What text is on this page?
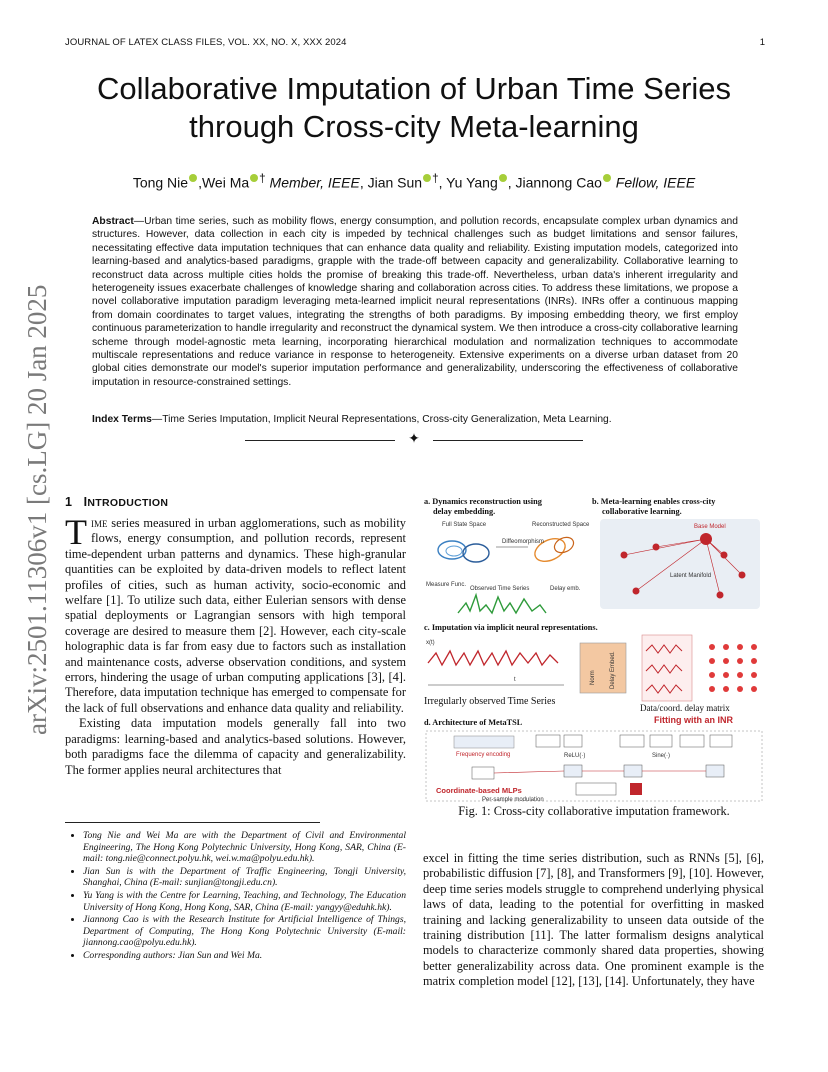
JOURNAL OF LATEX CLASS FILES, VOL. XX, NO. X, XXX 2024	1
Collaborative Imputation of Urban Time Series
through Cross-city Meta-learning
Tong Nie ,Wei Ma † Member, IEEE, Jian Sun †, Yu Yang , Jiannong Cao Fellow, IEEE
Abstract—Urban time series, such as mobility flows, energy consumption, and pollution records, encapsulate complex urban dynamics and structures. However, data collection in each city is impeded by technical challenges such as budget limitations and sensor failures, necessitating effective data imputation techniques that can enhance data quality and reliability. Existing imputation models, categorized into learning-based and analytics-based paradigms, grapple with the trade-off between capacity and generalizability. Collaborative learning to reconstruct data across multiple cities holds the promise of breaking this trade-off. Nevertheless, urban data's inherent irregularity and heterogeneity issues exacerbate challenges of knowledge sharing and collaboration across cities. To address these limitations, we propose a novel collaborative imputation paradigm leveraging meta-learned implicit neural representations (INRs). INRs offer a continuous mapping from domain coordinates to target values, integrating the strengths of both paradigms. By imposing embedding theory, we first employ continuous parameterization to handle irregularity and reconstruct the dynamical system. We then introduce a cross-city collaborative learning scheme through model-agnostic meta learning, incorporating hierarchical modulation and normalization techniques to accommodate multiscale representations and reduce variance in response to heterogeneity. Extensive experiments on a diverse urban dataset from 20 global cities demonstrate our model's superior imputation performance and generalizability, underscoring the effectiveness of collaborative imputation in resource-constrained settings.
Index Terms—Time Series Imputation, Implicit Neural Representations, Cross-city Generalization, Meta Learning.
✦
arXiv:2501.11306v1 [cs.LG] 20 Jan 2025	1 INTRODUCTION

Time series measured in urban agglomerations, such as mobility flows, energy consumption, and pollution records, represent time-dependent urban patterns and dynamics. These high-granular quantities can be exploited by data-driven models to reflect latent profiles of cities, such as human activity, socio-economic and welfare [1]. To utilize such data, either Eulerian sensors with dense spatial deployments or Lagrangian sensors with high temporal coverage are desired to measure them [2]. However, each city-scale holographic data is far from easy due to factors such as installation and maintenance costs, adverse observation conditions, and system errors, hindering the usage of urban computing applications [3], [4]. Therefore, data imputation technique has emerged to compensate for the lack of full observations and enhance data quality and reliability.

Existing data imputation models generally fall into two paradigms: learning-based and analytics-based solutions. However, both paradigms face the dilemma of capacity and generalizability. The former applies neural architectures that

• Tong Nie and Wei Ma are with the Department of Civil and Environmental Engineering, The Hong Kong Polytechnic University, Hong Kong, SAR, China (E-mail: tong.nie@connect.polyu.hk, wei.w.ma@polyu.edu.hk).
• Jian Sun is with the Department of Traffic Engineering, Tongji University, Shanghai, China (E-mail: sunjian@tongji.edu.cn).
• Yu Yang is with the Centre for Learning, Teaching, and Technology, The Education University of Hong Kong, Hong Kong, SAR, China (E-mail: yangyy@eduhk.hk).
• Jiannong Cao is with the Research Institute for Artificial Intelligence of Things, Department of Computing, The Hong Kong Polytechnic University (E-mail: jiannong.cao@polyu.edu.hk).
• Corresponding authors: Jian Sun and Wei Ma.
excel in fitting the time series distribution, such as RNNs [5], [6], probabilistic diffusion [7], [8], and Transformers [9], [10]. However, deep time series models struggle to comprehend underlying physical laws of data, leading to the potential for overfitting in masked training and lacking generalizability to unseen data outside of the training distribution [11]. The latter formalism designs analytical models to characterize commonly shared data properties, showing better generalizability across data. One prominent example is the matrix completion model [12], [13], [14]. Unfortunately, they have
a. Dynamics reconstruction using
delay embedding.
Full State Space	Reconstructed Space
Diffeomorphism
Measure Func.
Observed Time Series	Delay emb.
b. Meta-learning enables cross-city
collaborative learning.
Base Model
Latent Manifold
c. Imputation via implicit neural representations.
x(t)
t
Irregularly observed Time Series
Norm Delay Embed.
Data/coord. delay matrix
d. Architecture of MetaTSL	Fitting with an INR
Frequency encoding	ReLU(·)	Sine(·)
Coordinate-based MLPs
Per-sample modulation
Fig. 1: Cross-city collaborative imputation framework.
